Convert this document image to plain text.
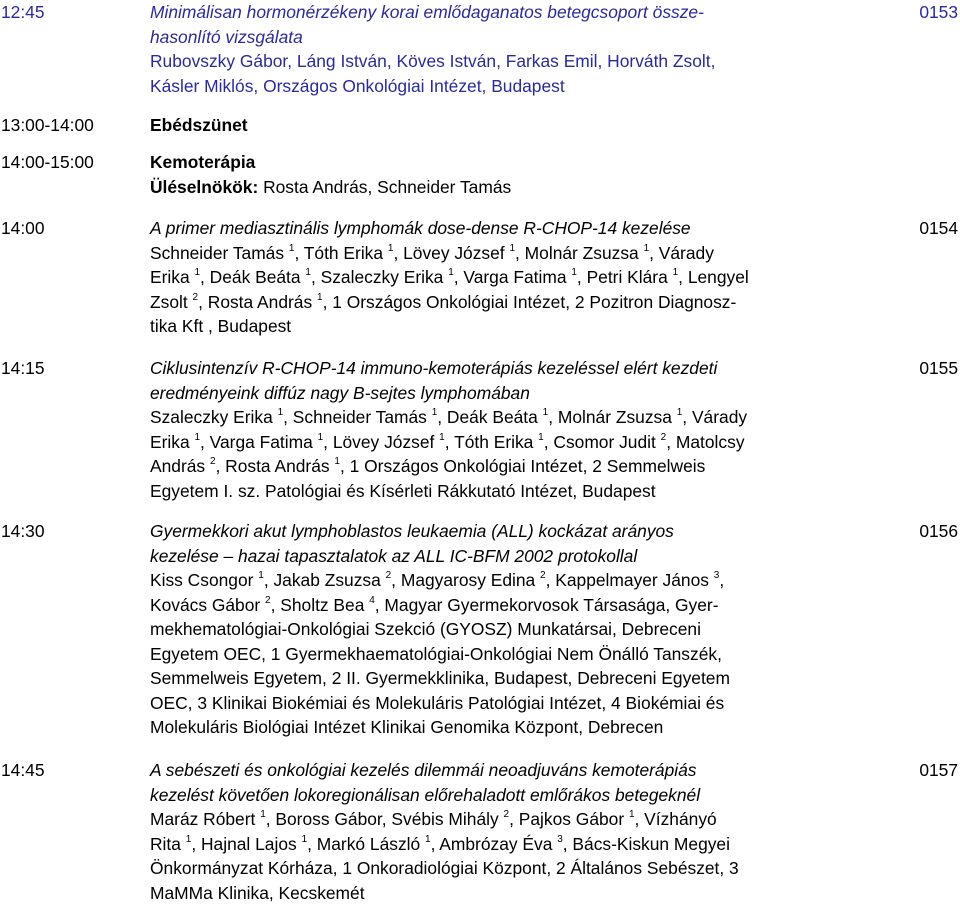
12:45	Minimálisan hormonérzékeny korai emlődaganatos betegcsoport össze-
hasonlító vizsgálata
Rubovszky Gábor, Láng István, Köves István, Farkas Emil, Horváth Zsolt,
Kásler Miklós, Országos Onkológiai Intézet, Budapest
0153
13:00-14:00	Ebédszünet
14:00-15:00	Kemoterápia
Üléselnökök: Rosta András, Schneider Tamás
14:00	A primer mediasztinális lymphomák dose-dense R-CHOP-14 kezelése
Schneider Tamás $^1$, Tóth Erika $^1$, Lövey József $^1$, Molnár Zsuzsa $^1$, Várady
Erika $^1$, Deák Beáta $^1$, Szaleczky Erika $^1$, Varga Fatima $^1$, Petri Klára $^1$, Lengyel
Zsolt $^2$, Rosta András $^1$, 1 Országos Onkológiai Intézet, 2 Pozitron Diagnosz-
tika Kft , Budapest
0154
14:15	Ciklusintenzív R-CHOP-14 immuno-kemoterápiás kezeléssel elért kezdeti
eredményeink diffúz nagy B-sejtes lymphomában
Szaleczky Erika $^1$, Schneider Tamás $^1$, Deák Beáta $^1$, Molnár Zsuzsa $^1$, Várady
Erika $^1$, Varga Fatima $^1$, Lövey József $^1$, Tóth Erika $^1$, Csomor Judit $^2$, Matolcsy
András $^2$, Rosta András $^1$, 1 Országos Onkológiai Intézet, 2 Semmelweis
Egyetem I. sz. Patológiai és Kísérleti Rákkutató Intézet, Budapest
0155
14:30	Gyermekkori akut lymphoblastos leukaemia (ALL) kockázat arányos
kezelése – hazai tapasztalatok az ALL IC-BFM 2002 protokollal
Kiss Csongor $^1$, Jakab Zsuzsa $^2$, Magyarosy Edina $^2$, Kappelmayer János $^3$,
Kovács Gábor $^2$, Sholtz Bea $^4$, Magyar Gyermekorvosok Társasága, Gyer-
mekhematológiai-Onkológiai Szekció (GYOSZ) Munkatársai, Debreceni
Egyetem OEC, 1 Gyermekhaematológiai-Onkológiai Nem Önálló Tanszék,
Semmelweis Egyetem, 2 II. Gyermekklinika, Budapest, Debreceni Egyetem
OEC, 3 Klinikai Biokémiai és Molekuláris Patológiai Intézet, 4 Biokémiai és
Molekuláris Biológiai Intézet Klinikai Genomika Központ, Debrecen
0156
14:45	A sebészeti és onkológiai kezelés dilemmái neoadjuváns kemoterápiás
kezelést követően lokoregionálisan előrehaladott emlőrákos betegeknél
Maráz Róbert $^1$, Boross Gábor, Svébis Mihály $^2$, Pajkos Gábor $^1$, Vízhányó
Rita $^1$, Hajnal Lajos $^1$, Markó László $^1$, Ambrózay Éva $^3$, Bács-Kiskun Megyei
Önkormányzat Kórháza, 1 Onkoradiológiai Központ, 2 Általános Sebészet, 3
MaMMa Klinika, Kecskemét
0157
